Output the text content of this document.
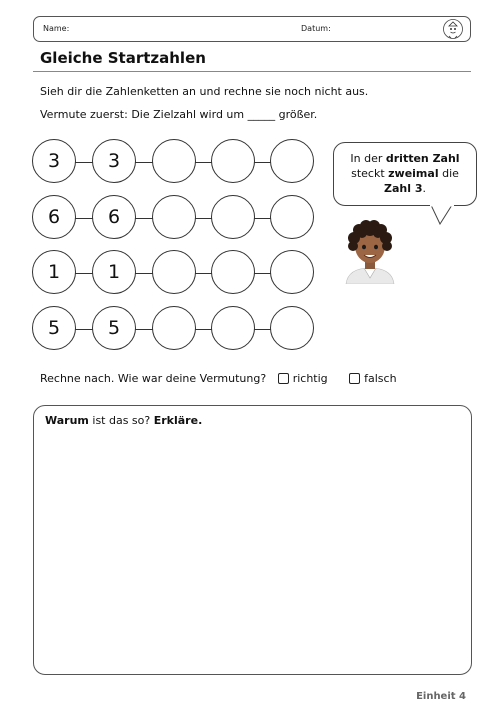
Name:	Datum:
Gleiche Startzahlen
Sieh dir die Zahlenketten an und rechne sie noch nicht aus.
Vermute zuerst: Die Zielzahl wird um _____ größer.
3	3
6	6
1	1
5	5
In der dritten Zahl
steckt zweimal die
Zahl 3.
Rechne nach. Wie war deine Vermutung? richtig	falsch
Warum ist das so? Erkläre.
Einheit 4
